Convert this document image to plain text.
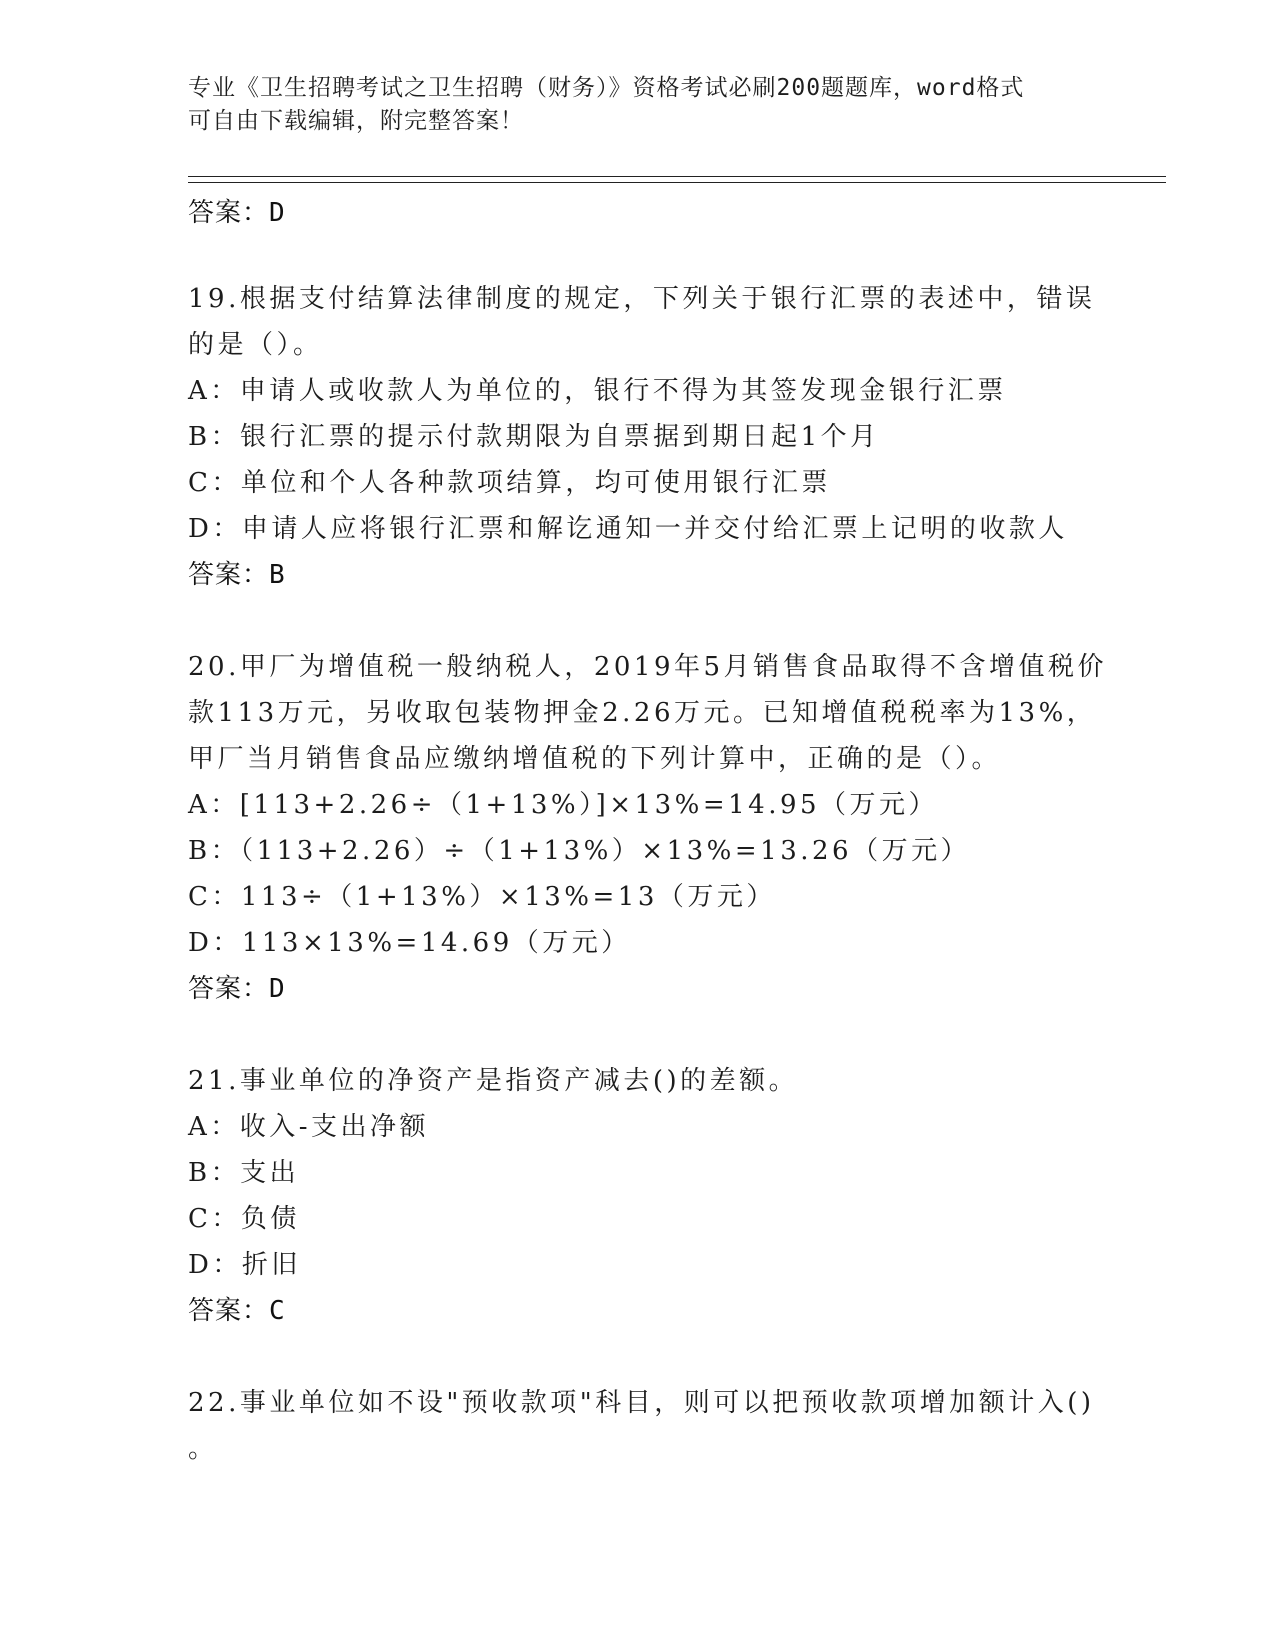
专业《卫生招聘考试之卫生招聘（财务）》资格考试必刷200题题库，word格式
可自由下载编辑，附完整答案！
答案：D
19.根据支付结算法律制度的规定，下列关于银行汇票的表述中，错误
的是（）。
A：申请人或收款人为单位的，银行不得为其签发现金银行汇票
B：银行汇票的提示付款期限为自票据到期日起1个月
C：单位和个人各种款项结算，均可使用银行汇票
D：申请人应将银行汇票和解讫通知一并交付给汇票上记明的收款人
答案：B
20.甲厂为增值税一般纳税人，2019年5月销售食品取得不含增值税价
款113万元，另收取包装物押金2.26万元。已知增值税税率为13%，
甲厂当月销售食品应缴纳增值税的下列计算中，正确的是（）。
A：[113+2.26÷（1+13%）]×13%=14.95（万元）
B：（113+2.26）÷（1+13%）×13%=13.26（万元）
C：113÷（1+13%）×13%=13（万元）
D：113×13%=14.69（万元）
答案：D
21.事业单位的净资产是指资产减去()的差额。
A：收入-支出净额
B：支出
C：负债
D：折旧
答案：C
22.事业单位如不设"预收款项"科目，则可以把预收款项增加额计入()
。
